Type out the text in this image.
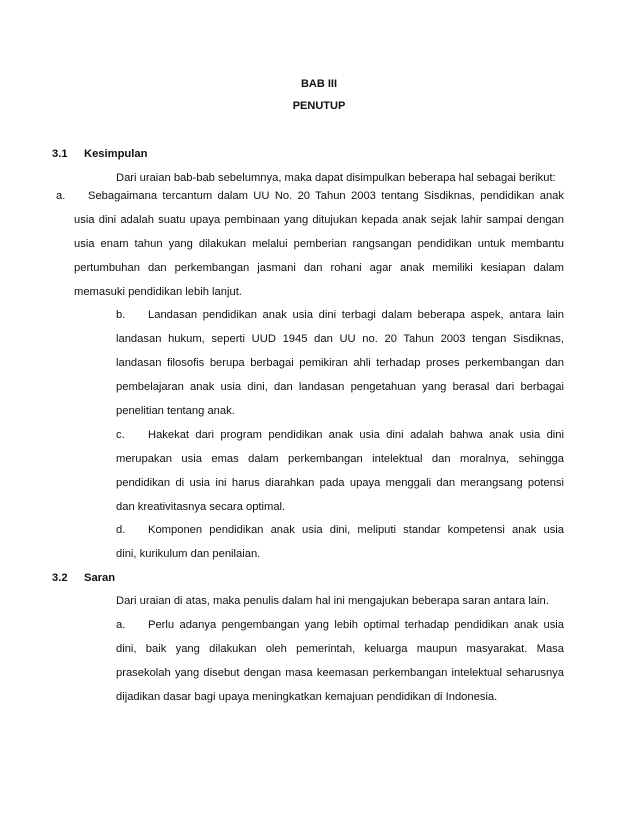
BAB III
PENUTUP
3.1 Kesimpulan
Dari uraian bab-bab sebelumnya, maka dapat disimpulkan beberapa hal sebagai berikut:
a. Sebagaimana tercantum dalam UU No. 20 Tahun 2003 tentang Sisdiknas, pendidikan anak
usia dini adalah suatu upaya pembinaan yang ditujukan kepada anak sejak lahir sampai dengan
usia enam tahun yang dilakukan melalui pemberian rangsangan pendidikan untuk membantu
pertumbuhan dan perkembangan jasmani dan rohani agar anak memiliki kesiapan dalam
memasuki pendidikan lebih lanjut.
b. Landasan pendidikan anak usia dini terbagi dalam beberapa aspek, antara lain
landasan hukum, seperti UUD 1945 dan UU no. 20 Tahun 2003 tengan Sisdiknas,
landasan filosofis berupa berbagai pemikiran ahli terhadap proses perkembangan dan
pembelajaran anak usia dini, dan landasan pengetahuan yang berasal dari berbagai
penelitian tentang anak.
c. Hakekat dari program pendidikan anak usia dini adalah bahwa anak usia dini
merupakan usia emas dalam perkembangan intelektual dan moralnya, sehingga
pendidikan di usia ini harus diarahkan pada upaya menggali dan merangsang potensi
dan kreativitasnya secara optimal.
d. Komponen pendidikan anak usia dini, meliputi standar kompetensi anak usia
dini, kurikulum dan penilaian.
3.2 Saran
Dari uraian di atas, maka penulis dalam hal ini mengajukan beberapa saran antara lain.
a. Perlu adanya pengembangan yang lebih optimal terhadap pendidikan anak usia
dini, baik yang dilakukan oleh pemerintah, keluarga maupun masyarakat. Masa
prasekolah yang disebut dengan masa keemasan perkembangan intelektual seharusnya
dijadikan dasar bagi upaya meningkatkan kemajuan pendidikan di Indonesia.
